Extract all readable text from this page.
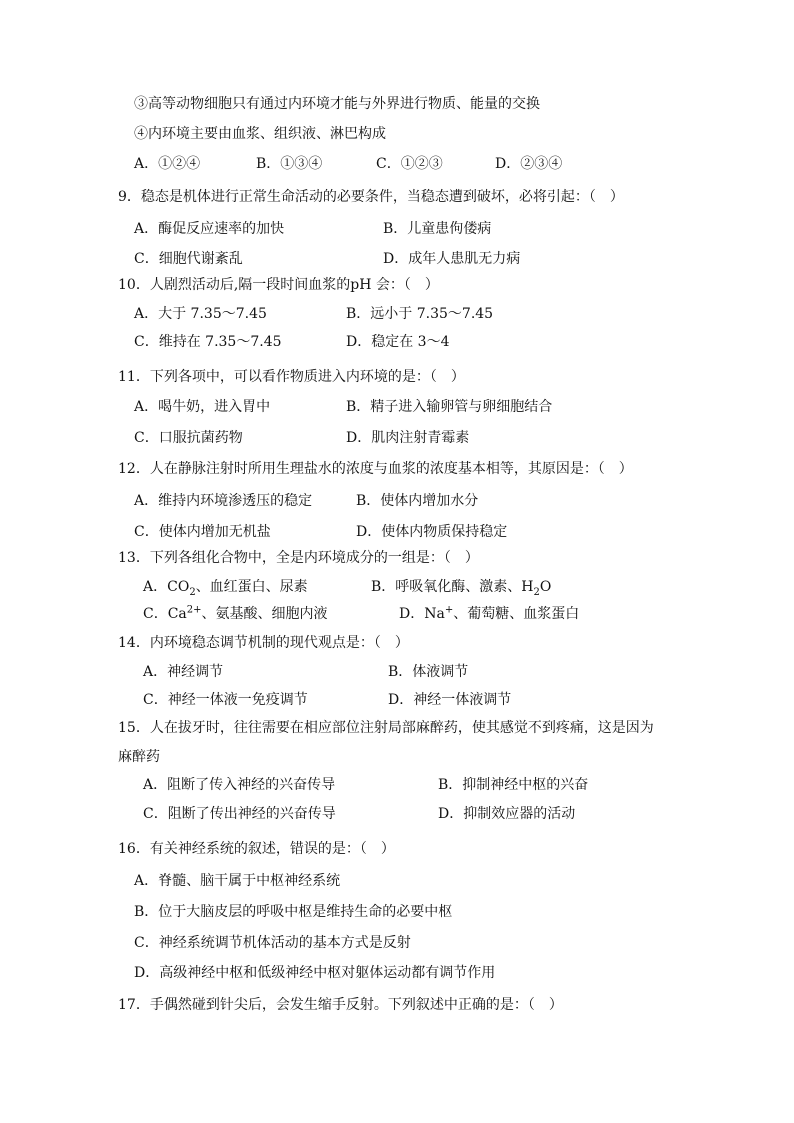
③高等动物细胞只有通过内环境才能与外界进行物质、能量的交换
④内环境主要由血浆、组织液、淋巴构成
A．①②④	B．①③④	C．①②③	D．②③④
9．稳态是机体进行正常生命活动的必要条件，当稳态遭到破坏，必将引起：（　）
A．酶促反应速率的加快	B．儿童患佝偻病
C．细胞代谢紊乱	D．成年人患肌无力病
10．人剧烈活动后,隔一段时间血浆的pH 会：（　）
A．大于 7.35～7.45	B．远小于 7.35～7.45
C．维持在 7.35～7.45	D．稳定在 3～4
11．下列各项中，可以看作物质进入内环境的是：（　）
A．喝牛奶，进入胃中	B．精子进入输卵管与卵细胞结合
C．口服抗菌药物	D．肌肉注射青霉素
12．人在静脉注射时所用生理盐水的浓度与血浆的浓度基本相等，其原因是：（　）
A．维持内环境渗透压的稳定	B．使体内增加水分
C．使体内增加无机盐	D．使体内物质保持稳定
13．下列各组化合物中，全是内环境成分的一组是：（　）
A．$CO_2$、血红蛋白、尿素	B．呼吸氧化酶、激素、$H_2O$
C．$Ca^{2+}$、氨基酸、细胞内液	D．Na+、葡萄糖、血浆蛋白
14．内环境稳态调节机制的现代观点是：（　）
A．神经调节	B．体液调节
C．神经一体液一免疫调节	D．神经一体液调节
15．人在拔牙时，往往需要在相应部位注射局部麻醉药，使其感觉不到疼痛，这是因为
麻醉药
A．阻断了传入神经的兴奋传导	B．抑制神经中枢的兴奋
C．阻断了传出神经的兴奋传导	D．抑制效应器的活动
16．有关神经系统的叙述，错误的是：（　）
A．脊髓、脑干属于中枢神经系统
B．位于大脑皮层的呼吸中枢是维持生命的必要中枢
C．神经系统调节机体活动的基本方式是反射
D．高级神经中枢和低级神经中枢对躯体运动都有调节作用
17．手偶然碰到针尖后，会发生缩手反射。下列叙述中正确的是：（　）
